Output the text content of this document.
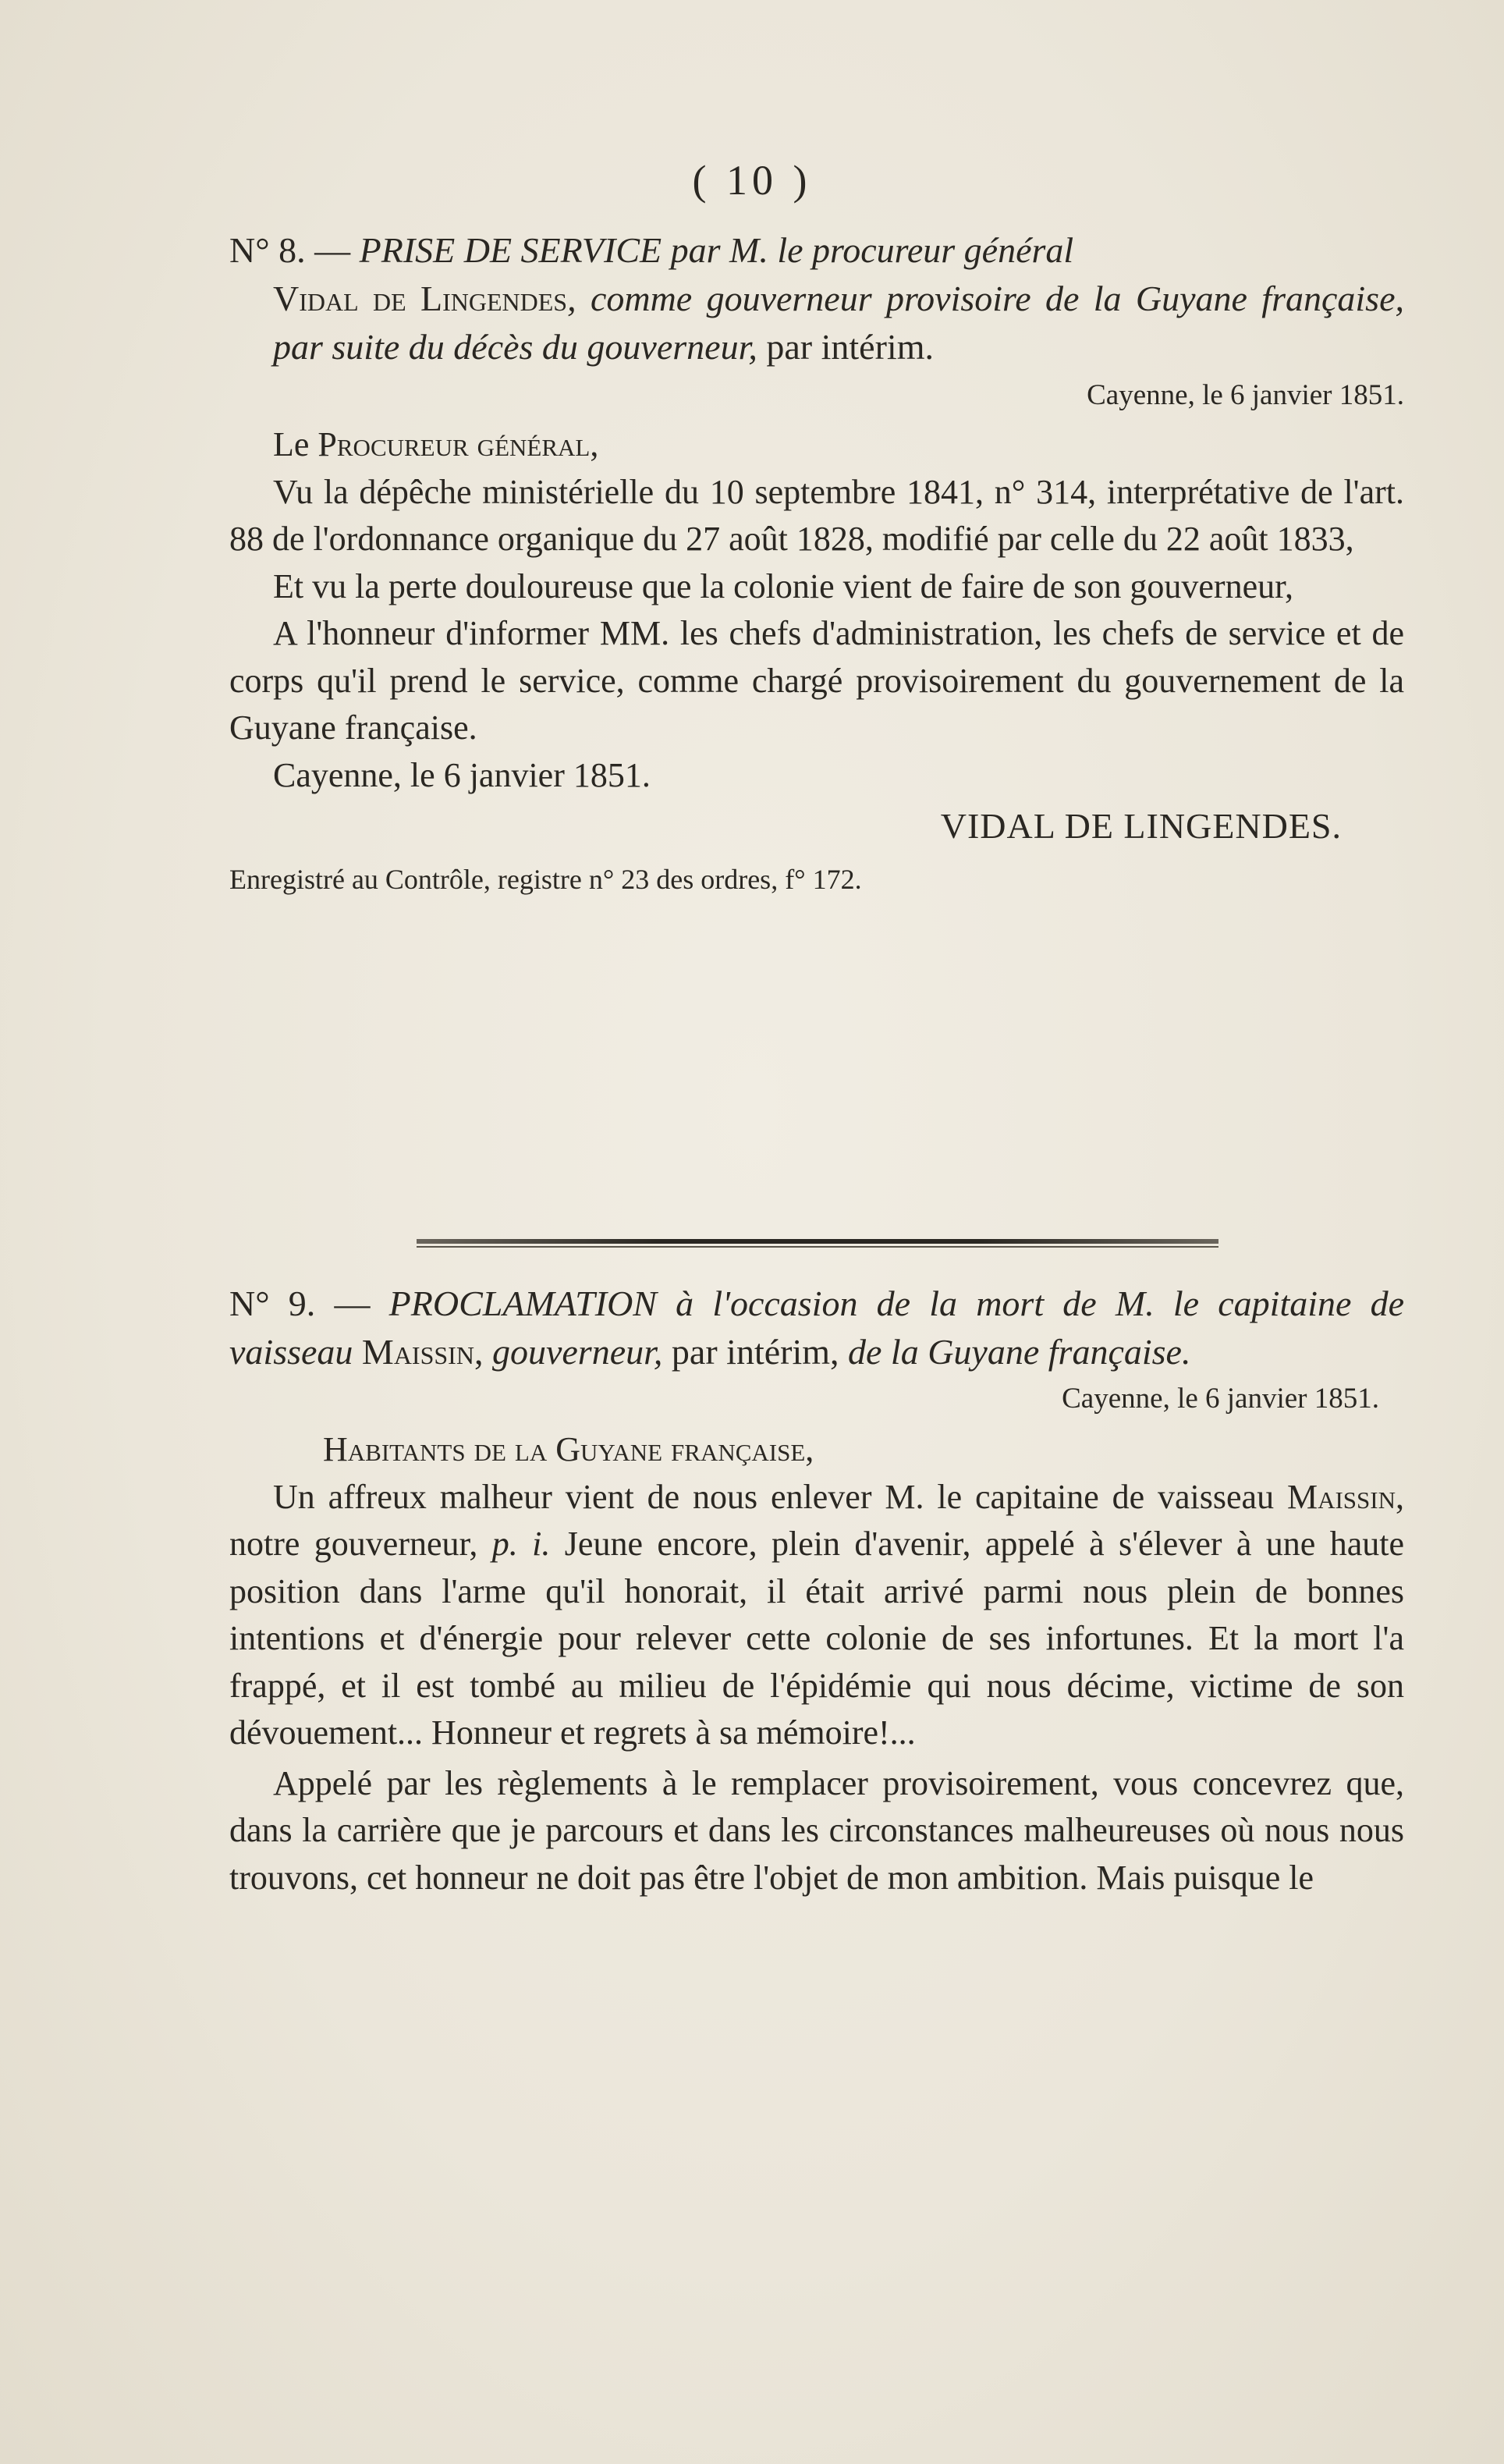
( 10 )
N° 8. — PRISE DE SERVICE par M. le procureur général
Vidal de Lingendes, comme gouverneur provisoire de la Guyane française, par suite du décès du gouverneur, par intérim.
Cayenne, le 6 janvier 1851.
Le Procureur général,
Vu la dépêche ministérielle du 10 septembre 1841, n° 314, interprétative de l'art. 88 de l'ordonnance organique du 27 août 1828, modifié par celle du 22 août 1833,
Et vu la perte douloureuse que la colonie vient de faire de son gouverneur,
A l'honneur d'informer MM. les chefs d'administration, les chefs de service et de corps qu'il prend le service, comme chargé provisoirement du gouvernement de la Guyane française.
Cayenne, le 6 janvier 1851.
VIDAL DE LINGENDES.
Enregistré au Contrôle, registre n° 23 des ordres, f° 172.
N° 9. — PROCLAMATION à l'occasion de la mort de M. le capitaine de vaisseau Maissin, gouverneur, par intérim, de la Guyane française.
Cayenne, le 6 janvier 1851.
Habitants de la Guyane française,
Un affreux malheur vient de nous enlever M. le capitaine de vaisseau Maissin, notre gouverneur, p. i. Jeune encore, plein d'avenir, appelé à s'élever à une haute position dans l'arme qu'il honorait, il était arrivé parmi nous plein de bonnes intentions et d'énergie pour relever cette colonie de ses infortunes. Et la mort l'a frappé, et il est tombé au milieu de l'épidémie qui nous décime, victime de son dévouement... Honneur et regrets à sa mémoire!...
Appelé par les règlements à le remplacer provisoirement, vous concevrez que, dans la carrière que je parcours et dans les circonstances malheureuses où nous nous trouvons, cet honneur ne doit pas être l'objet de mon ambition. Mais puisque le
